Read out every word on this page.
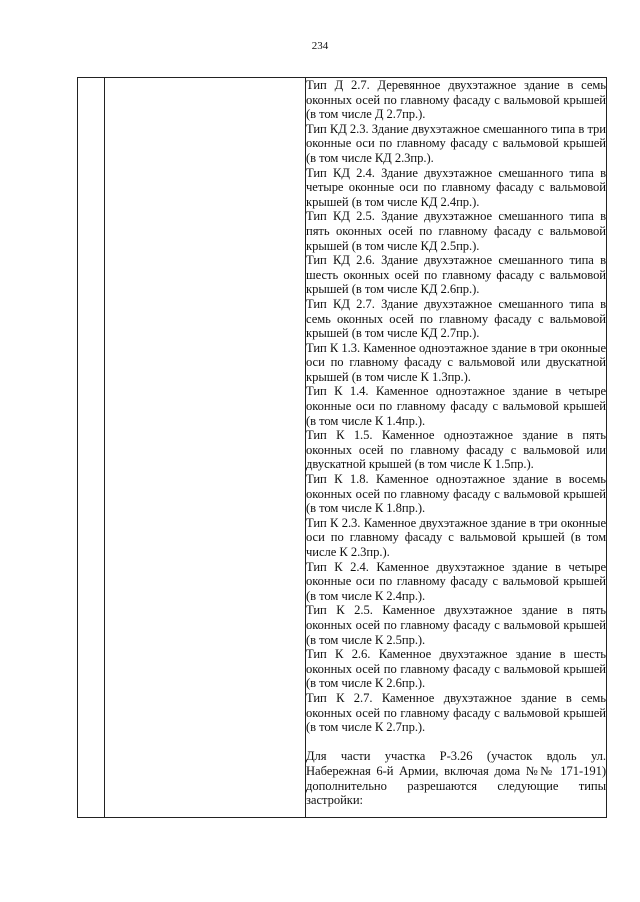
234

Тип Д 2.7. Деревянное двухэтажное здание в семь оконных осей по главному фасаду с вальмовой крышей (в том числе Д 2.7пр.).

Тип КД 2.3. Здание двухэтажное смешанного типа в три оконные оси по главному фасаду с вальмовой крышей (в том числе КД 2.3пр.).

Тип КД 2.4. Здание двухэтажное смешанного типа в четыре оконные оси по главному фасаду с вальмовой крышей (в том числе КД 2.4пр.).

Тип КД 2.5. Здание двухэтажное смешанного типа в пять оконных осей по главному фасаду с вальмовой крышей (в том числе КД 2.5пр.).

Тип КД 2.6. Здание двухэтажное смешанного типа в шесть оконных осей по главному фасаду с вальмовой крышей (в том числе КД 2.6пр.).

Тип КД 2.7. Здание двухэтажное смешанного типа в семь оконных осей по главному фасаду с вальмовой крышей (в том числе КД 2.7пр.).

Тип К 1.3. Каменное одноэтажное здание в три оконные оси по главному фасаду с вальмовой или двускатной крышей (в том числе К 1.3пр.).

Тип К 1.4. Каменное одноэтажное здание в четыре оконные оси по главному фасаду с вальмовой крышей (в том числе К 1.4пр.).

Тип К 1.5. Каменное одноэтажное здание в пять оконных осей по главному фасаду с вальмовой или двускатной крышей (в том числе К 1.5пр.).

Тип К 1.8. Каменное одноэтажное здание в восемь оконных осей по главному фасаду с вальмовой крышей (в том числе К 1.8пр.).

Тип К 2.3. Каменное двухэтажное здание в три оконные оси по главному фасаду с вальмовой крышей (в том числе К 2.3пр.).

Тип К 2.4. Каменное двухэтажное здание в четыре оконные оси по главному фасаду с вальмовой крышей (в том числе К 2.4пр.).

Тип К 2.5. Каменное двухэтажное здание в пять оконных осей по главному фасаду с вальмовой крышей (в том числе К 2.5пр.).

Тип К 2.6. Каменное двухэтажное здание в шесть оконных осей по главному фасаду с вальмовой крышей (в том числе К 2.6пр.).

Тип К 2.7. Каменное двухэтажное здание в семь оконных осей по главному фасаду с вальмовой крышей (в том числе К 2.7пр.).

Для части участка Р-3.26 (участок вдоль ул. Набережная 6-й Армии, включая дома №№ 171-191) дополнительно разрешаются следующие типы застройки:
